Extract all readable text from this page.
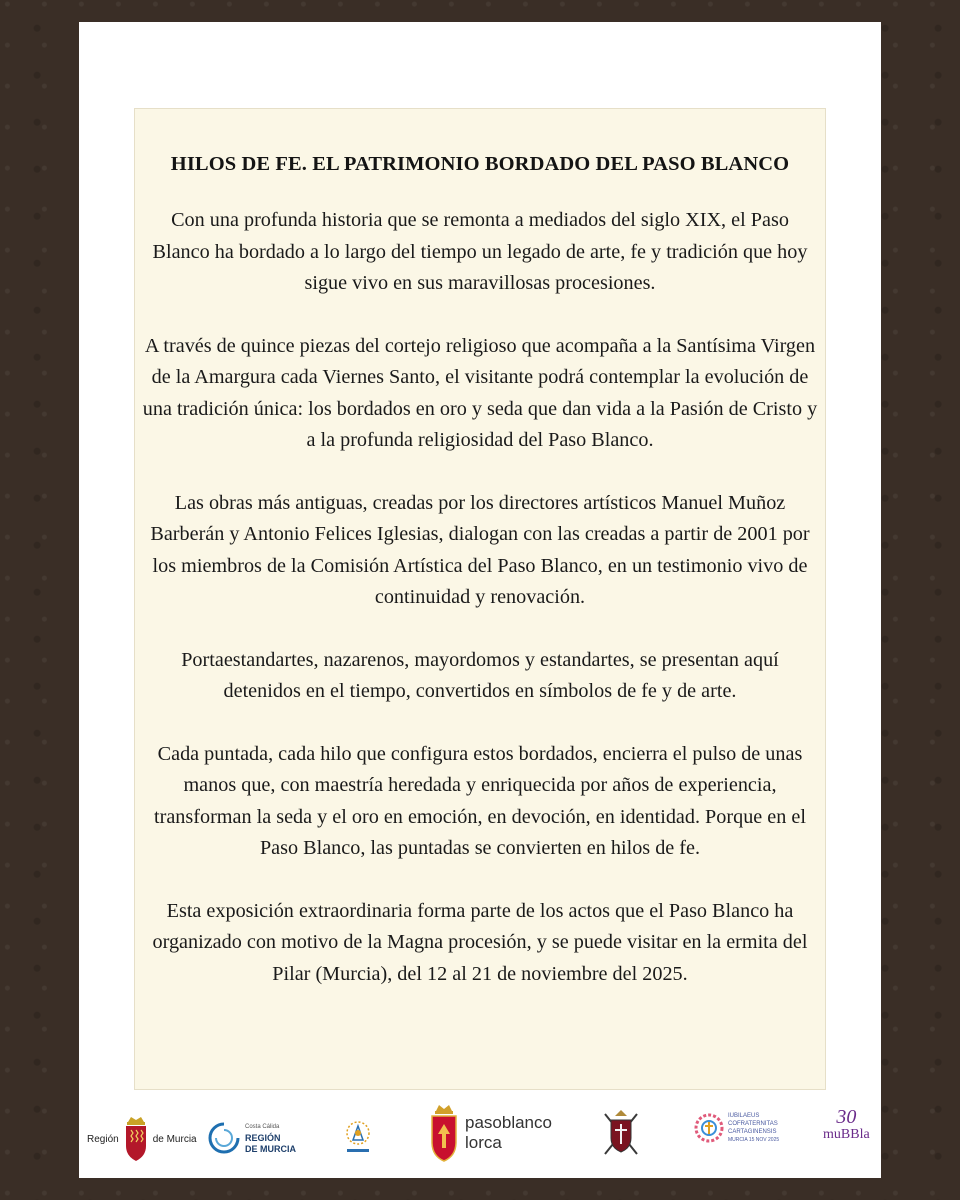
HILOS DE FE. EL PATRIMONIO BORDADO DEL PASO BLANCO

Con una profunda historia que se remonta a mediados del siglo XIX, el Paso Blanco ha bordado a lo largo del tiempo un legado de arte, fe y tradición que hoy sigue vivo en sus maravillosas procesiones.

A través de quince piezas del cortejo religioso que acompaña a la Santísima Virgen de la Amargura cada Viernes Santo, el visitante podrá contemplar la evolución de una tradición única: los bordados en oro y seda que dan vida a la Pasión de Cristo y a la profunda religiosidad del Paso Blanco.

Las obras más antiguas, creadas por los directores artísticos Manuel Muñoz Barberán y Antonio Felices Iglesias, dialogan con las creadas a partir de 2001 por los miembros de la Comisión Artística del Paso Blanco, en un testimonio vivo de continuidad y renovación.

Portaestandartes, nazarenos, mayordomos y estandartes, se presentan aquí detenidos en el tiempo, convertidos en símbolos de fe y de arte.

Cada puntada, cada hilo que configura estos bordados, encierra el pulso de unas manos que, con maestría heredada y enriquecida por años de experiencia, transforman la seda y el oro en emoción, en devoción, en identidad. Porque en el Paso Blanco, las puntadas se convierten en hilos de fe.

Esta exposición extraordinaria forma parte de los actos que el Paso Blanco ha organizado con motivo de la Magna procesión, y se puede visitar en la ermita del Pilar (Murcia), del 12 al 21 de noviembre del 2025.

Región	de Murcia
Costa Cálida
REGIÓN
DE MURCIA
pasoblanco
lorca
IUBILAEUS
COFRATERNITAS
CARTAGINENSIS
MURCIA 15 NOV 2025
30
muBBla
